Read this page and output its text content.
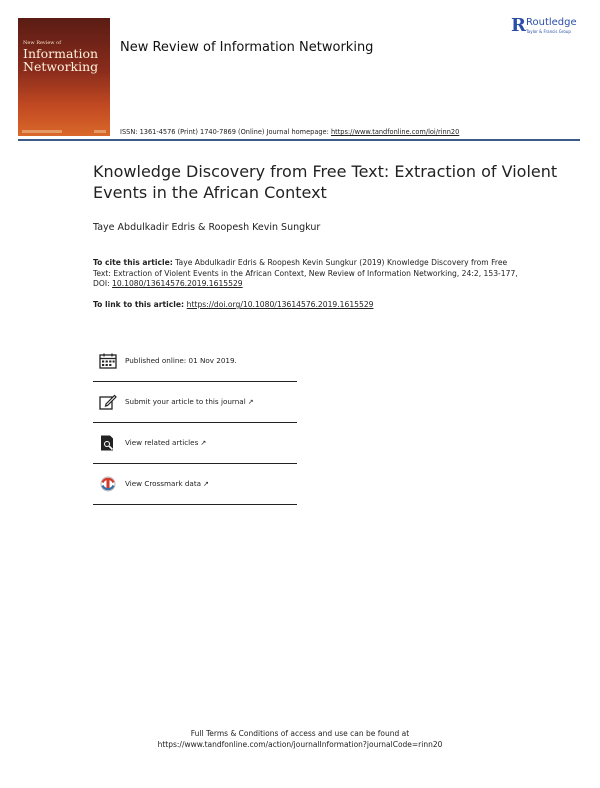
New Review of
Information
Networking
New Review of Information Networking
R Routledge
Taylor & Francis Group
ISSN: 1361-4576 (Print) 1740-7869 (Online) Journal homepage: https://www.tandfonline.com/loi/rinn20
Knowledge Discovery from Free Text: Extraction of Violent Events in the African Context
Taye Abdulkadir Edris & Roopesh Kevin Sungkur
To cite this article: Taye Abdulkadir Edris & Roopesh Kevin Sungkur (2019) Knowledge Discovery from Free Text: Extraction of Violent Events in the African Context, New Review of Information Networking, 24:2, 153-177, DOI: 10.1080/13614576.2019.1615529
To link to this article: https://doi.org/10.1080/13614576.2019.1615529
Published online: 01 Nov 2019.
Submit your article to this journal ↗
View related articles ↗
View Crossmark data ↗
Full Terms & Conditions of access and use can be found at
https://www.tandfonline.com/action/journalInformation?journalCode=rinn20
